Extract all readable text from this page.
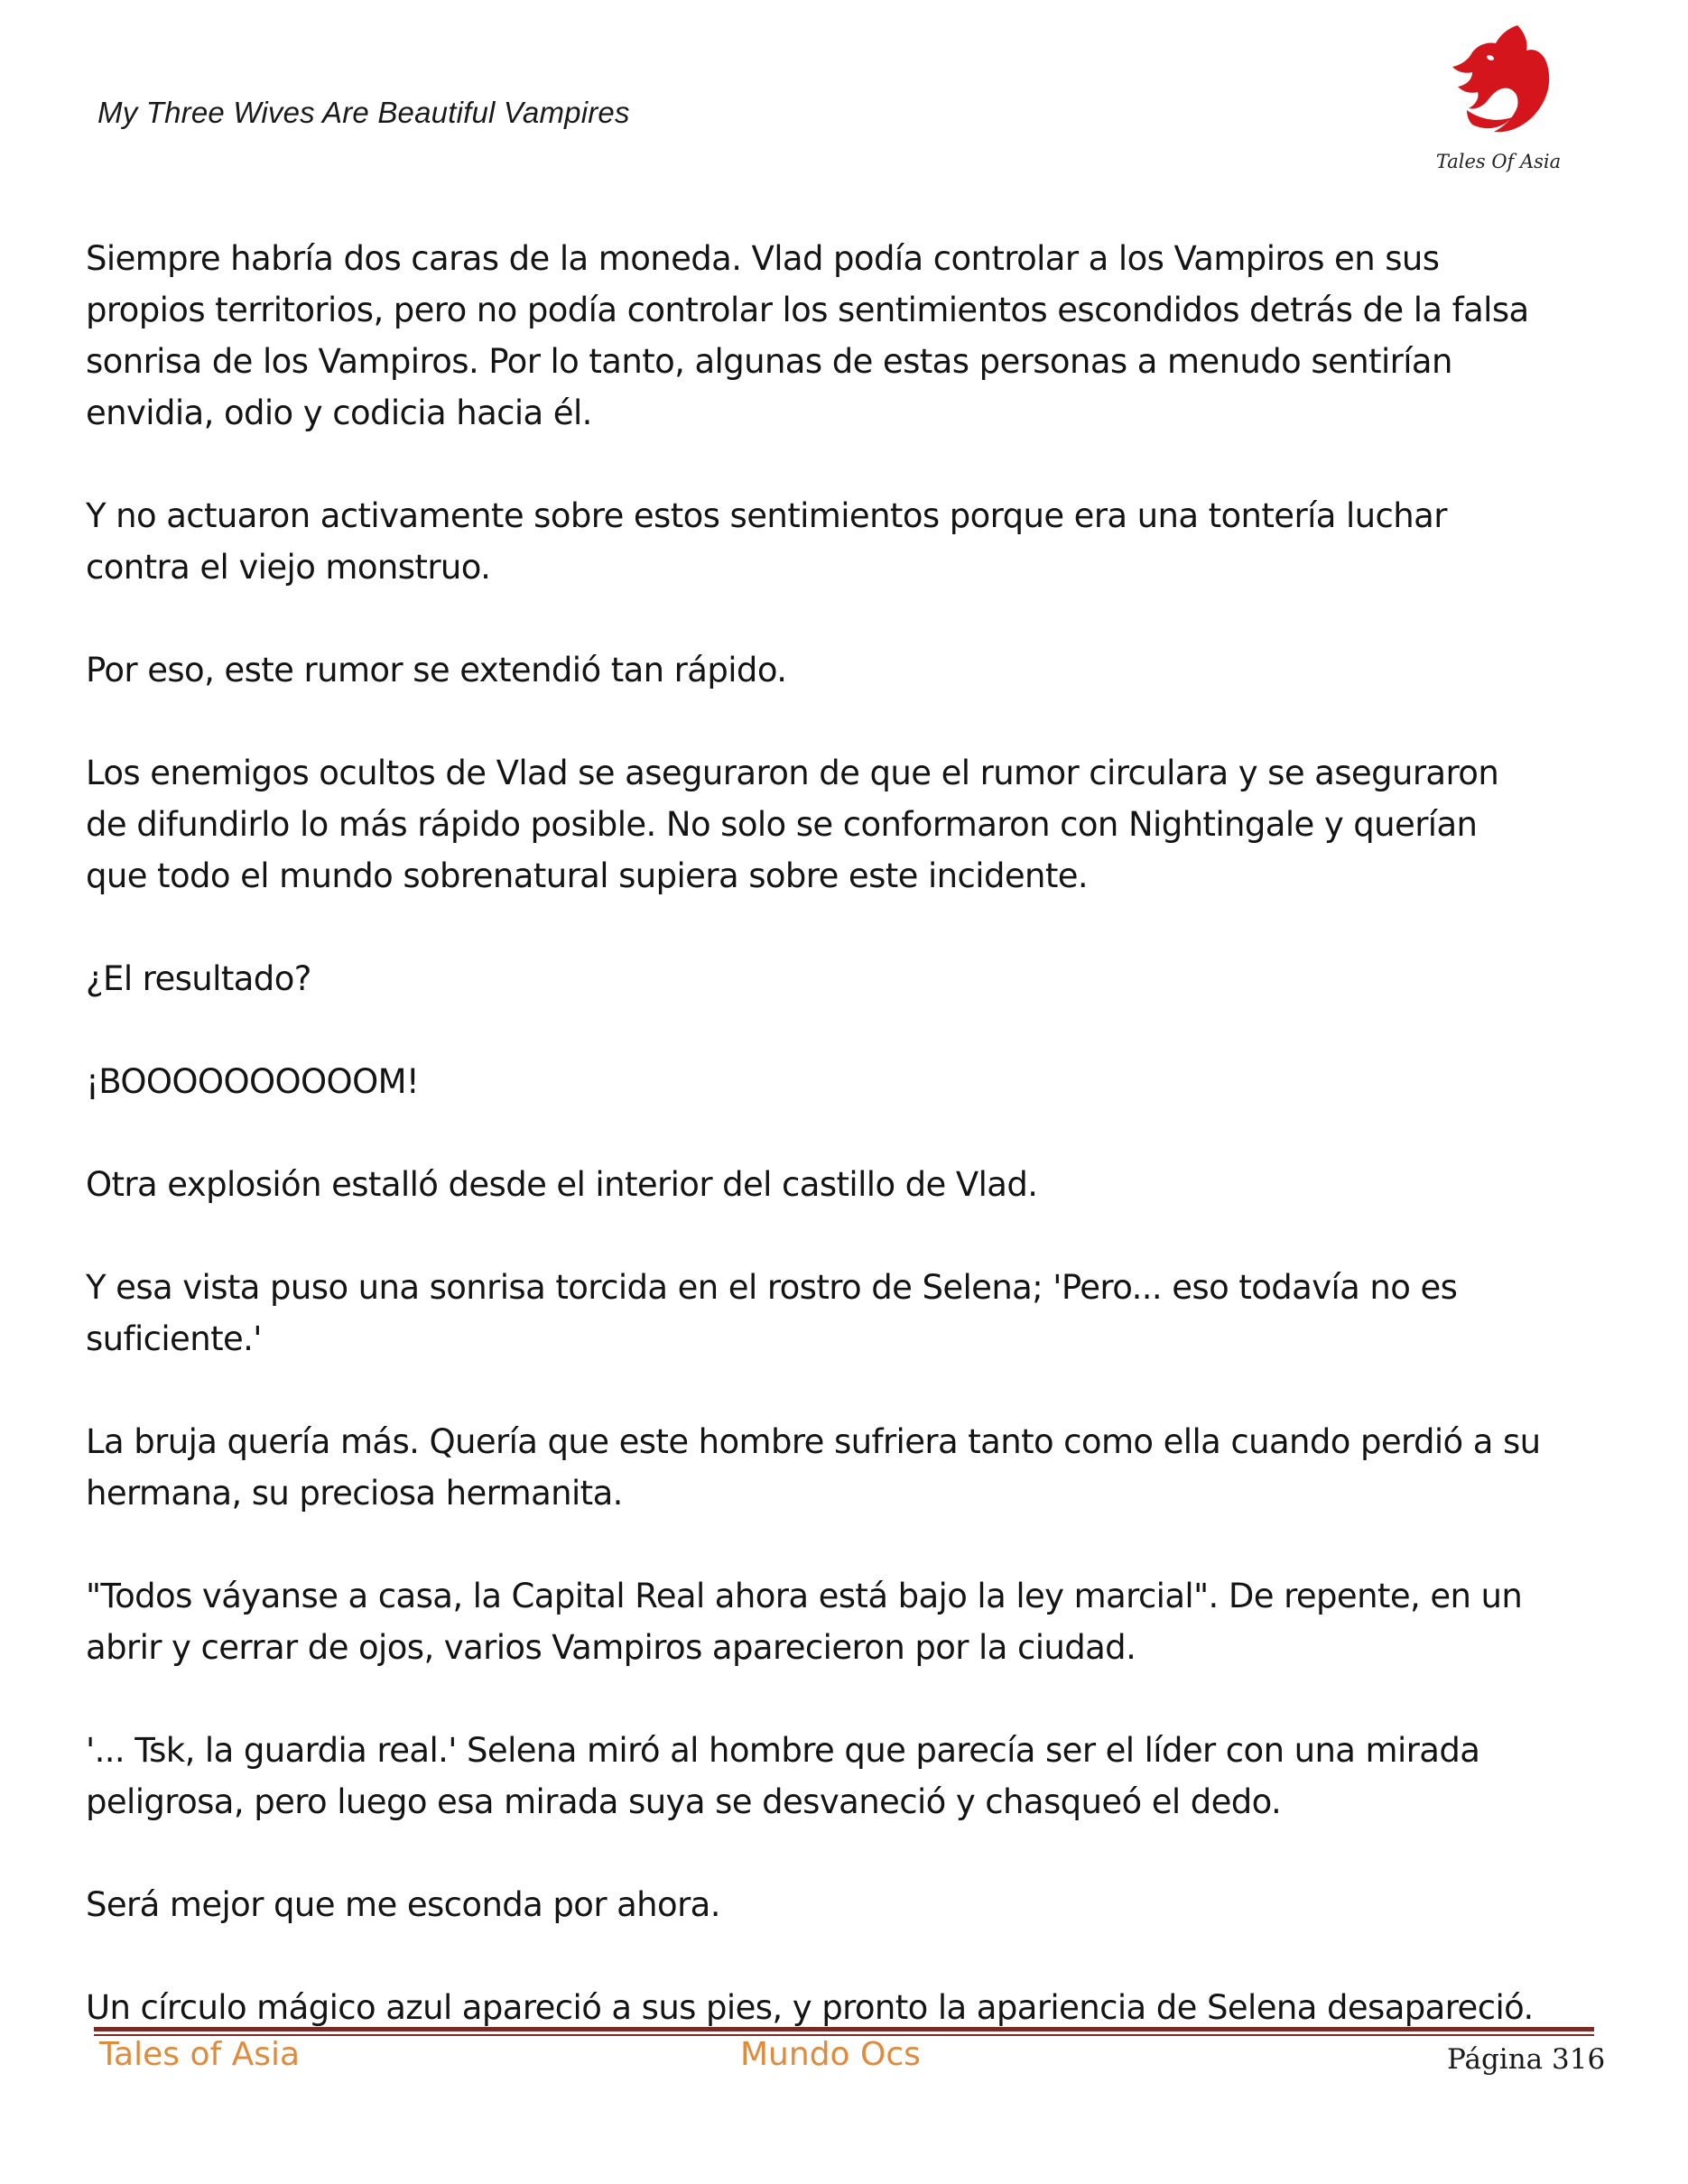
My Three Wives Are Beautiful Vampires
Tales Of Asia

Siempre habría dos caras de la moneda. Vlad podía controlar a los Vampiros en sus
propios territorios, pero no podía controlar los sentimientos escondidos detrás de la falsa
sonrisa de los Vampiros. Por lo tanto, algunas de estas personas a menudo sentirían
envidia, odio y codicia hacia él.

Y no actuaron activamente sobre estos sentimientos porque era una tontería luchar
contra el viejo monstruo.

Por eso, este rumor se extendió tan rápido.

Los enemigos ocultos de Vlad se aseguraron de que el rumor circulara y se aseguraron
de difundirlo lo más rápido posible. No solo se conformaron con Nightingale y querían
que todo el mundo sobrenatural supiera sobre este incidente.

¿El resultado?

¡BOOOOOOOOOOM!

Otra explosión estalló desde el interior del castillo de Vlad.

Y esa vista puso una sonrisa torcida en el rostro de Selena; 'Pero... eso todavía no es
suficiente.'

La bruja quería más. Quería que este hombre sufriera tanto como ella cuando perdió a su
hermana, su preciosa hermanita.

"Todos váyanse a casa, la Capital Real ahora está bajo la ley marcial". De repente, en un
abrir y cerrar de ojos, varios Vampiros aparecieron por la ciudad.

'... Tsk, la guardia real.' Selena miró al hombre que parecía ser el líder con una mirada
peligrosa, pero luego esa mirada suya se desvaneció y chasqueó el dedo.

Será mejor que me esconda por ahora.

Un círculo mágico azul apareció a sus pies, y pronto la apariencia de Selena desapareció.

Tales of Asia	Mundo Ocs	Página 316
